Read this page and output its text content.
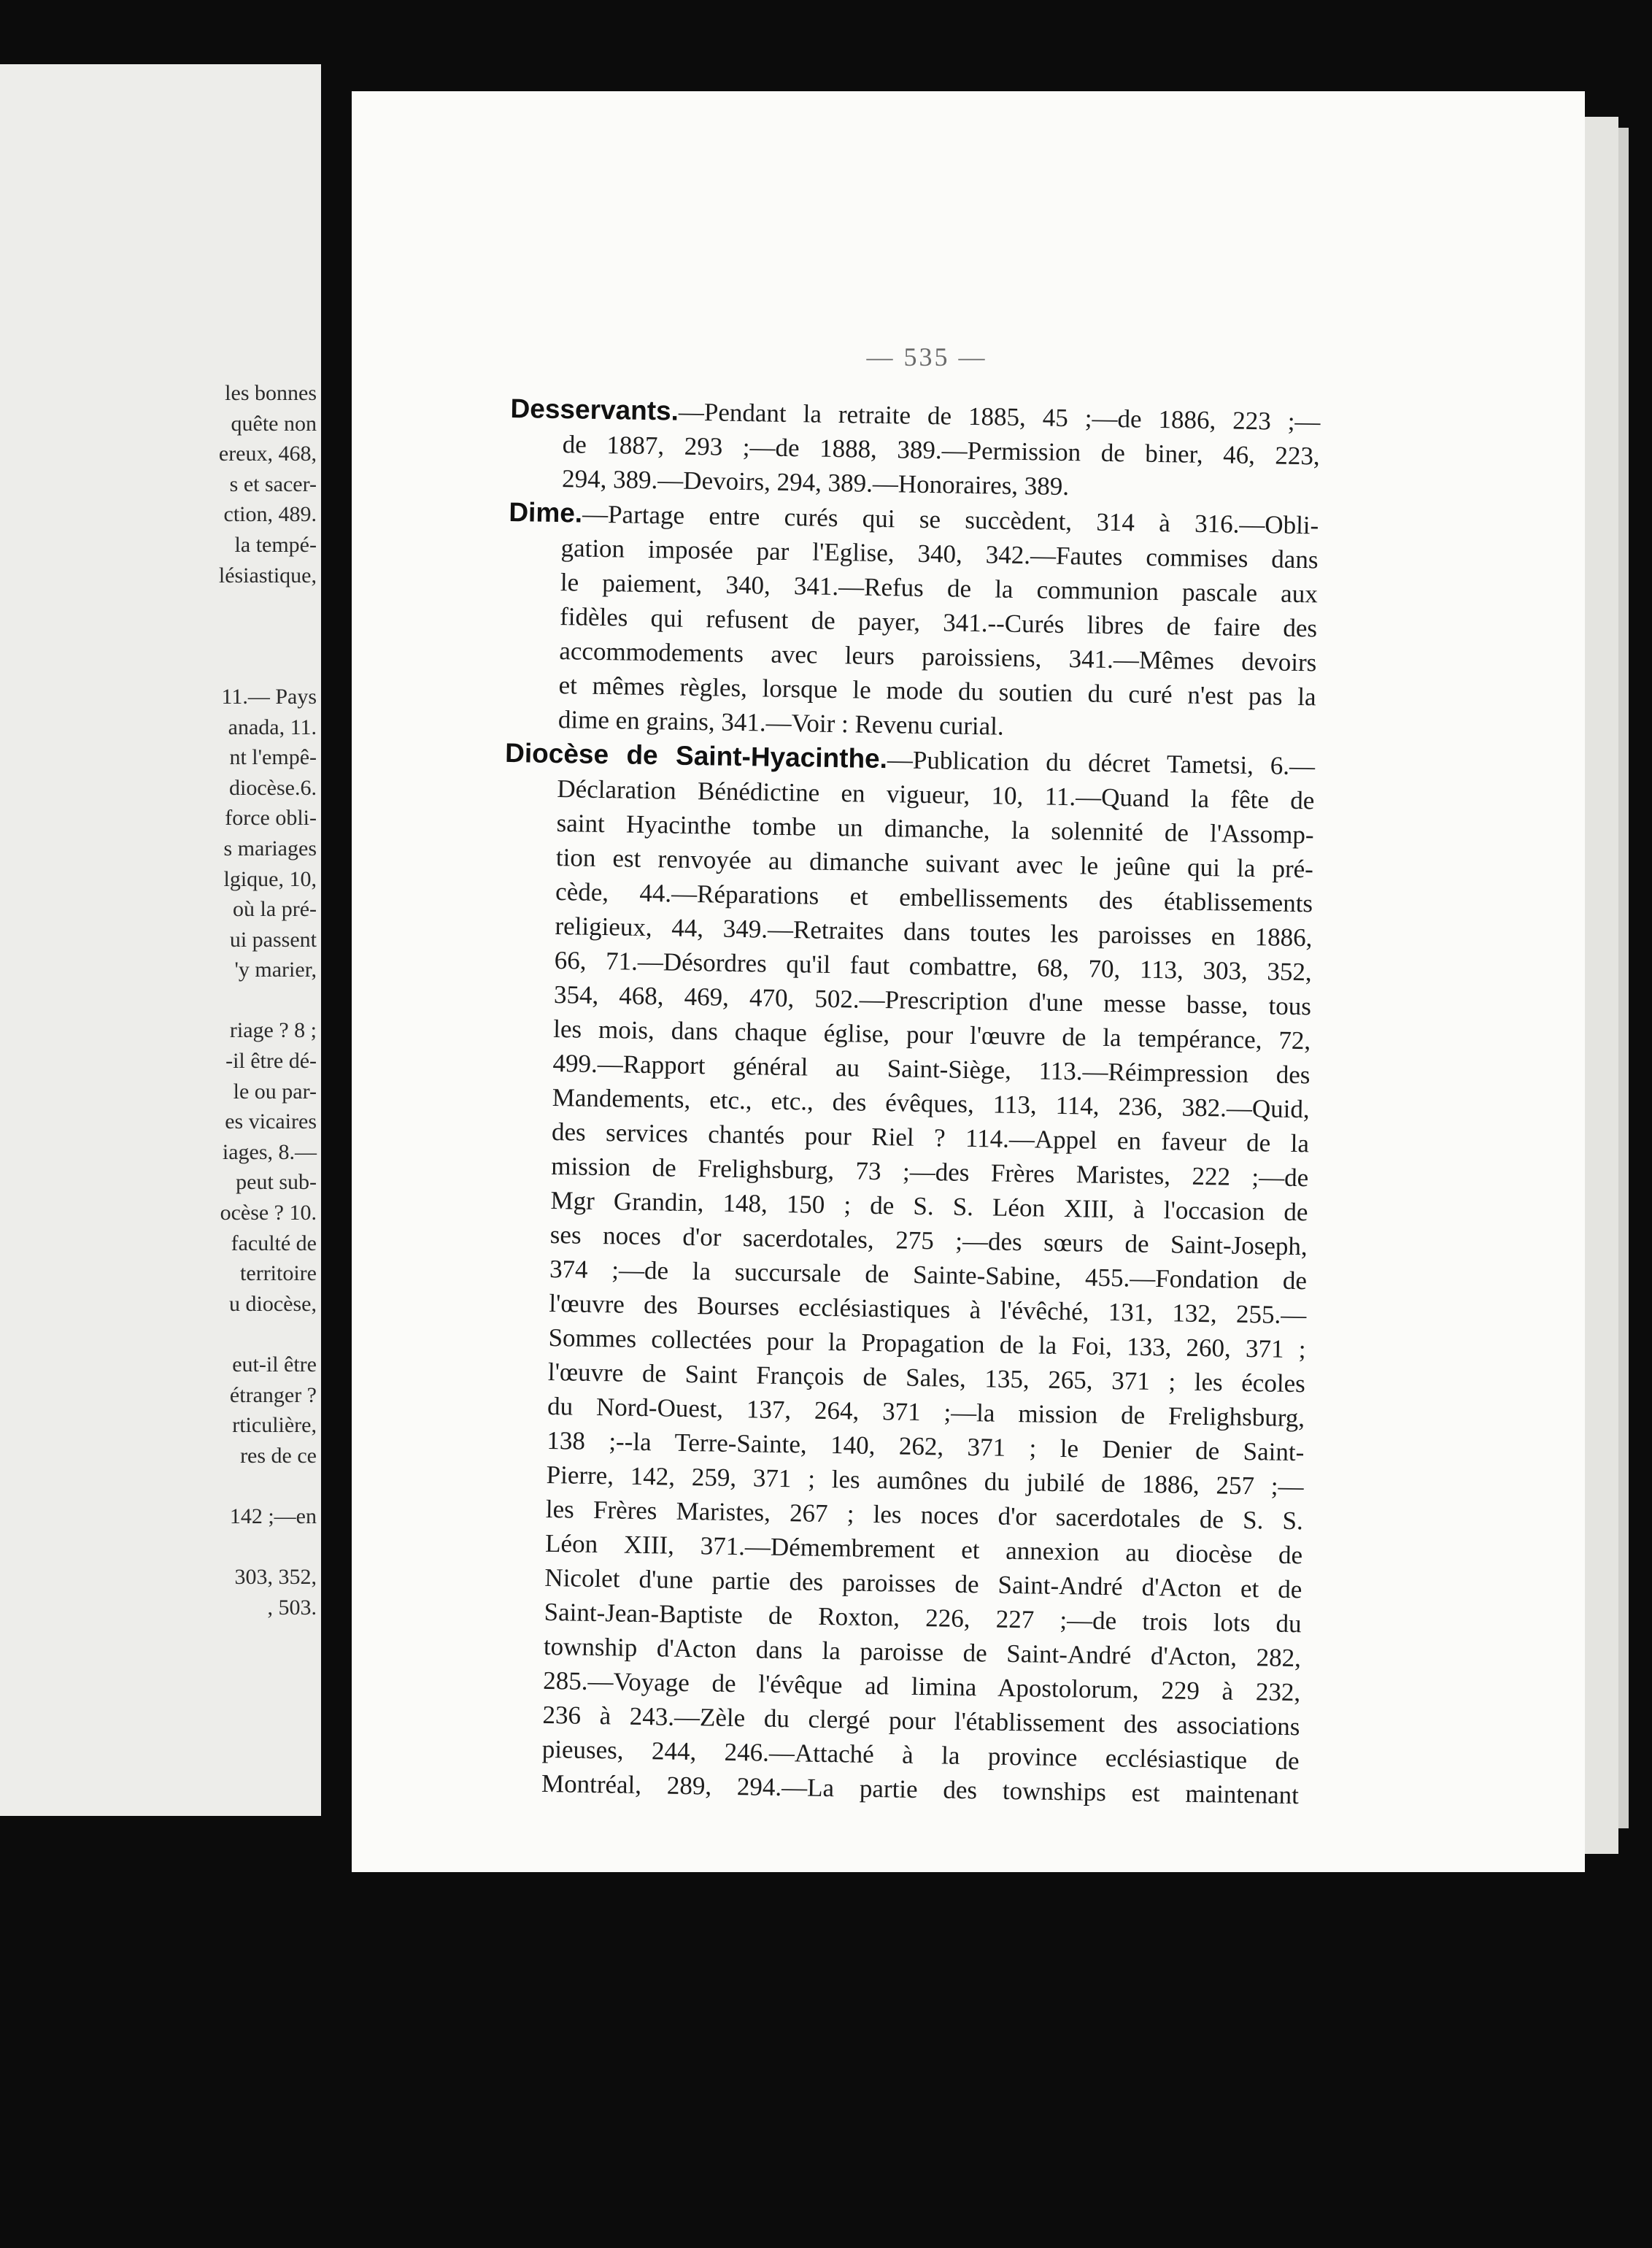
les bonnes
quête non
ereux, 468,
s et sacer-
ction, 489.
la tempé-
lésiastique,
11.— Pays
anada, 11.
nt l'empê-
diocèse.6.
force obli-
s mariages
lgique, 10,
où la pré-
ui passent
'y marier,
riage ? 8 ;
-il être dé-
le ou par-
es vicaires
iages, 8.—
peut sub-
ocèse ? 10.
faculté de
territoire
u diocèse,
eut-il être
étranger ?
rticulière,
res de ce
142 ;—en
303, 352,
, 503.
— 535 —
Desservants.—Pendant la retraite de 1885, 45 ;—de 1886, 223 ;—
de 1887, 293 ;—de 1888, 389.—Permission de biner, 46, 223,
294, 389.—Devoirs, 294, 389.—Honoraires, 389.
Dime.—Partage entre curés qui se succèdent, 314 à 316.—Obli-
gation imposée par l'Eglise, 340, 342.—Fautes commises dans
le paiement, 340, 341.—Refus de la communion pascale aux
fidèles qui refusent de payer, 341.--Curés libres de faire des
accommodements avec leurs paroissiens, 341.—Mêmes devoirs
et mêmes règles, lorsque le mode du soutien du curé n'est pas la
dime en grains, 341.—Voir : Revenu curial.
Diocèse de Saint-Hyacinthe.—Publication du décret Tametsi, 6.—
Déclaration Bénédictine en vigueur, 10, 11.—Quand la fête de
saint Hyacinthe tombe un dimanche, la solennité de l'Assomp-
tion est renvoyée au dimanche suivant avec le jeûne qui la pré-
cède, 44.—Réparations et embellissements des établissements
religieux, 44, 349.—Retraites dans toutes les paroisses en 1886,
66, 71.—Désordres qu'il faut combattre, 68, 70, 113, 303, 352,
354, 468, 469, 470, 502.—Prescription d'une messe basse, tous
les mois, dans chaque église, pour l'œuvre de la tempérance, 72,
499.—Rapport général au Saint-Siège, 113.—Réimpression des
Mandements, etc., etc., des évêques, 113, 114, 236, 382.—Quid,
des services chantés pour Riel ? 114.—Appel en faveur de la
mission de Frelighsburg, 73 ;—des Frères Maristes, 222 ;—de
Mgr Grandin, 148, 150 ; de S. S. Léon XIII, à l'occasion de
ses noces d'or sacerdotales, 275 ;—des sœurs de Saint-Joseph,
374 ;—de la succursale de Sainte-Sabine, 455.—Fondation de
l'œuvre des Bourses ecclésiastiques à l'évêché, 131, 132, 255.—
Sommes collectées pour la Propagation de la Foi, 133, 260, 371 ;
l'œuvre de Saint François de Sales, 135, 265, 371 ; les écoles
du Nord-Ouest, 137, 264, 371 ;—la mission de Frelighsburg,
138 ;--la Terre-Sainte, 140, 262, 371 ; le Denier de Saint-
Pierre, 142, 259, 371 ; les aumônes du jubilé de 1886, 257 ;—
les Frères Maristes, 267 ; les noces d'or sacerdotales de S. S.
Léon XIII, 371.—Démembrement et annexion au diocèse de
Nicolet d'une partie des paroisses de Saint-André d'Acton et de
Saint-Jean-Baptiste de Roxton, 226, 227 ;—de trois lots du
township d'Acton dans la paroisse de Saint-André d'Acton, 282,
285.—Voyage de l'évêque ad limina Apostolorum, 229 à 232,
236 à 243.—Zèle du clergé pour l'établissement des associations
pieuses, 244, 246.—Attaché à la province ecclésiastique de
Montréal, 289, 294.—La partie des townships est maintenant
